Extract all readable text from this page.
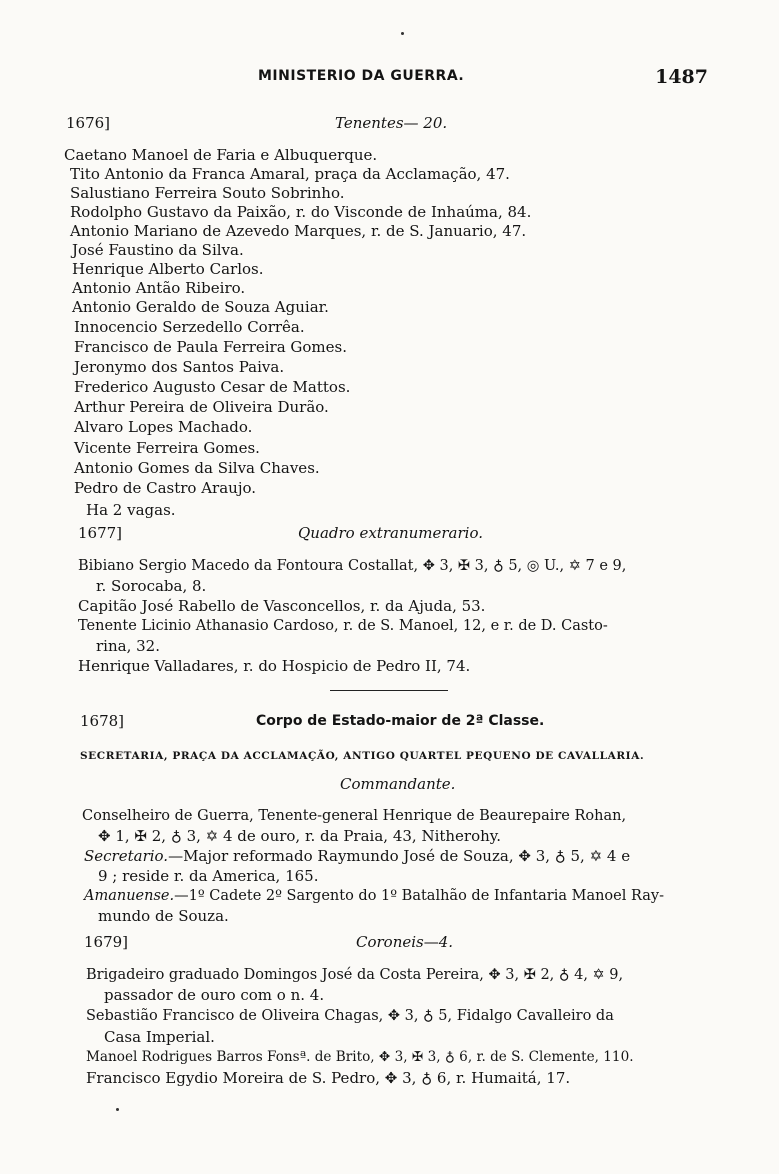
MINISTERIO DA GUERRA.	1487
1676]	Tenentes— 20.
Caetano Manoel de Faria e Albuquerque.
Tito Antonio da Franca Amaral, praça da Acclamação, 47.
Salustiano Ferreira Souto Sobrinho.
Rodolpho Gustavo da Paixão, r. do Visconde de Inhaúma, 84.
Antonio Mariano de Azevedo Marques, r. de S. Januario, 47.
José Faustino da Silva.
Henrique Alberto Carlos.
Antonio Antão Ribeiro.
Antonio Geraldo de Souza Aguiar.
Innocencio Serzedello Corrêa.
Francisco de Paula Ferreira Gomes.
Jeronymo dos Santos Paiva.
Frederico Augusto Cesar de Mattos.
Arthur Pereira de Oliveira Durão.
Alvaro Lopes Machado.
Vicente Ferreira Gomes.
Antonio Gomes da Silva Chaves.
Pedro de Castro Araujo.
Ha 2 vagas.
1677]	Quadro extranumerario.
Bibiano Sergio Macedo da Fontoura Costallat, ✥ 3, ✠ 3, ♁ 5, ◎ U., ✡ 7 e 9,
r. Sorocaba, 8.
Capitão José Rabello de Vasconcellos, r. da Ajuda, 53.
Tenente Licinio Athanasio Cardoso, r. de S. Manoel, 12, e r. de D. Casto-
rina, 32.
Henrique Valladares, r. do Hospicio de Pedro II, 74.
1678]	Corpo de Estado-maior de 2ª Classe.
SECRETARIA, PRAÇA DA ACCLAMAÇÃO, ANTIGO QUARTEL PEQUENO DE CAVALLARIA.
Commandante.
Conselheiro de Guerra, Tenente-general Henrique de Beaurepaire Rohan,
✥ 1, ✠ 2, ♁ 3, ✡ 4 de ouro, r. da Praia, 43, Nitherohy.
Secretario.—Major reformado Raymundo José de Souza, ✥ 3, ♁ 5, ✡ 4 e
9 ; reside r. da America, 165.
Amanuense.—1º Cadete 2º Sargento do 1º Batalhão de Infantaria Manoel Ray-
mundo de Souza.
1679]	Coroneis—4.
Brigadeiro graduado Domingos José da Costa Pereira, ✥ 3, ✠ 2, ♁ 4, ✡ 9,
passador de ouro com o n. 4.
Sebastião Francisco de Oliveira Chagas, ✥ 3, ♁ 5, Fidalgo Cavalleiro da
Casa Imperial.
Manoel Rodrigues Barros Fonsª. de Brito, ✥ 3, ✠ 3, ♁ 6, r. de S. Clemente, 110.
Francisco Egydio Moreira de S. Pedro, ✥ 3, ♁ 6, r. Humaitá, 17.
